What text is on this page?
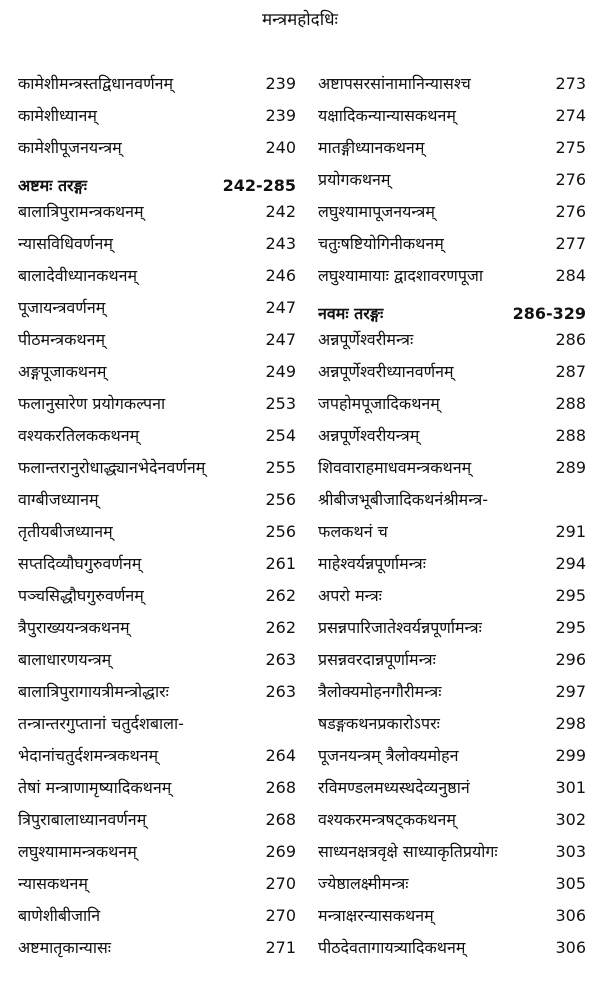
मन्त्रमहोदधिः
कामेशीमन्त्रस्तद्विधानवर्णनम्	239
कामेशीध्यानम्	239
कामेशीपूजनयन्त्रम्	240
अष्टमः तरङ्गः	242-285
बालात्रिपुरामन्त्रकथनम्	242
न्यासविधिवर्णनम्	243
बालादेवीध्यानकथनम्	246
पूजायन्त्रवर्णनम्	247
पीठमन्त्रकथनम्	247
अङ्गपूजाकथनम्	249
फलानुसारेण प्रयोगकल्पना	253
वश्यकरतिलककथनम्	254
फलान्तरानुरोधाद्ध्यानभेदेनवर्णनम्	255
वाग्बीजध्यानम्	256
तृतीयबीजध्यानम्	256
सप्तदिव्यौघगुरुवर्णनम्	261
पञ्चसिद्धौघगुरुवर्णनम्	262
त्रैपुराख्ययन्त्रकथनम्	262
बालाधारणयन्त्रम्	263
बालात्रिपुरागायत्रीमन्त्रोद्धारः	263
तन्त्रान्तरगुप्तानां चतुर्दशबाला-
भेदानांचतुर्दशमन्त्रकथनम्	264
तेषां मन्त्राणामृष्यादिकथनम्	268
त्रिपुराबालाध्यानवर्णनम्	268
लघुश्यामामन्त्रकथनम्	269
न्यासकथनम्	270
बाणेशीबीजानि	270
अष्टमातृकान्यासः	271
अष्टापसरसांनामानिन्यासश्च	273
यक्षादिकन्यान्यासकथनम्	274
मातङ्गीध्यानकथनम्	275
प्रयोगकथनम्	276
लघुश्यामापूजनयन्त्रम्	276
चतुःषष्टियोगिनीकथनम्	277
लघुश्यामायाः द्वादशावरणपूजा	284
नवमः तरङ्गः	286-329
अन्नपूर्णेश्वरीमन्त्रः	286
अन्नपूर्णेश्वरीध्यानवर्णनम्	287
जपहोमपूजादिकथनम्	288
अन्नपूर्णेश्वरीयन्त्रम्	288
शिववाराहमाधवमन्त्रकथनम्	289
श्रीबीजभूबीजादिकथनंश्रीमन्त्र-
फलकथनं च	291
माहेश्वर्यन्नपूर्णामन्त्रः	294
अपरो मन्त्रः	295
प्रसन्नपारिजातेश्वर्यन्नपूर्णामन्त्रः	295
प्रसन्नवरदान्नपूर्णामन्त्रः	296
त्रैलोक्यमोहनगौरीमन्त्रः	297
षडङ्गकथनप्रकारोऽपरः	298
पूजनयन्त्रम् त्रैलोक्यमोहन	299
रविमण्डलमध्यस्थदेव्यनुष्ठानं	301
वश्यकरमन्त्रषट्ककथनम्	302
साध्यनक्षत्रवृक्षे साध्याकृतिप्रयोगः	303
ज्येष्ठालक्ष्मीमन्त्रः	305
मन्त्राक्षरन्यासकथनम्	306
पीठदेवतागायत्र्यादिकथनम्	306
